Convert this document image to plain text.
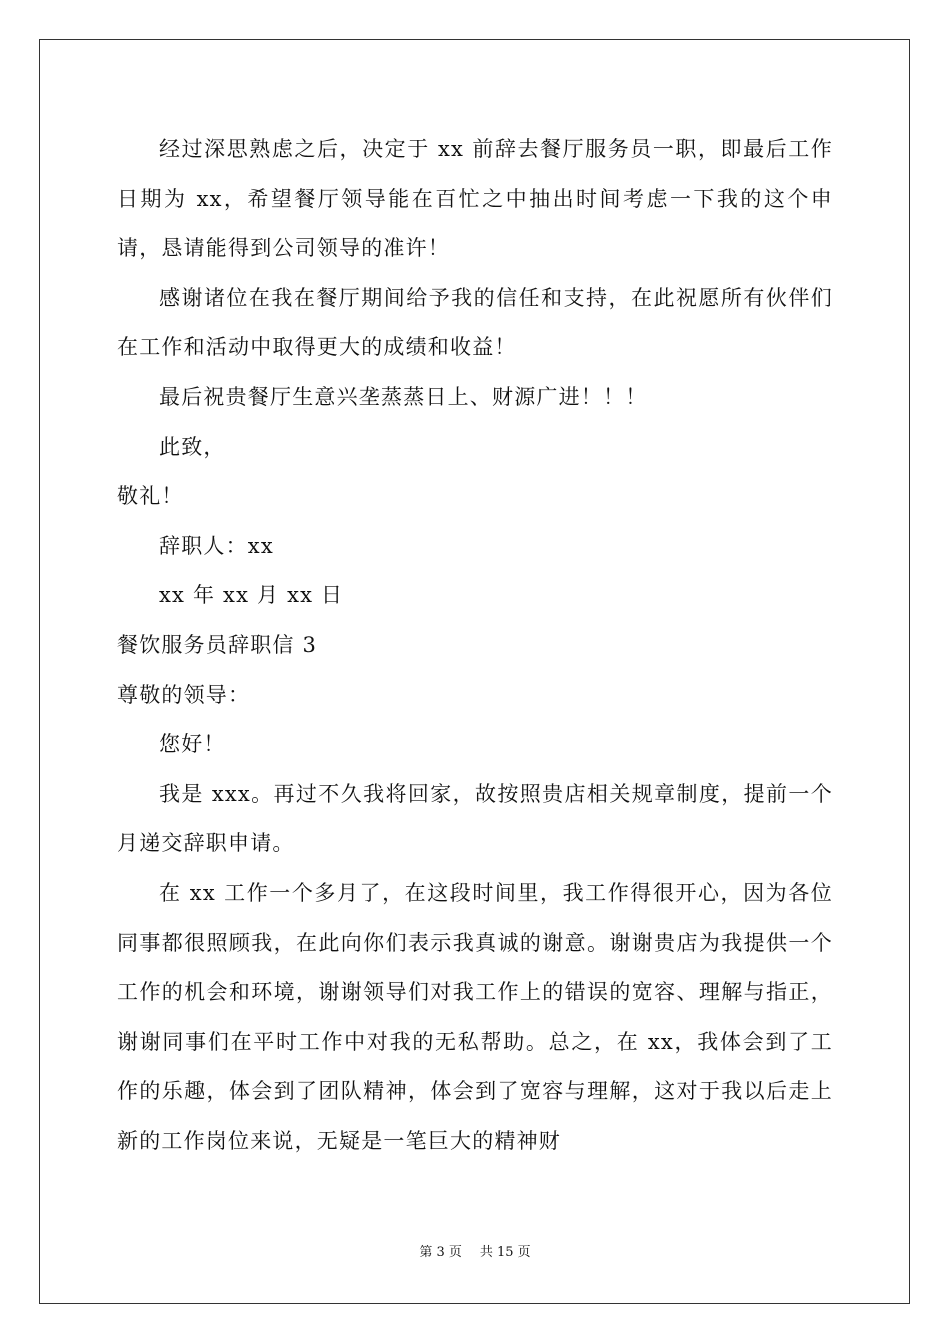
经过深思熟虑之后，决定于 xx 前辞去餐厅服务员一职，即最后工作日期为 xx，希望餐厅领导能在百忙之中抽出时间考虑一下我的这个申请，恳请能得到公司领导的准许！

感谢诸位在我在餐厅期间给予我的信任和支持，在此祝愿所有伙伴们在工作和活动中取得更大的成绩和收益！

最后祝贵餐厅生意兴垄蒸蒸日上、财源广进！！！

此致，

敬礼！

辞职人：xx

xx 年 xx 月 xx 日

餐饮服务员辞职信 3

尊敬的领导：

您好！

我是 xxx。再过不久我将回家，故按照贵店相关规章制度，提前一个月递交辞职申请。

在 xx 工作一个多月了，在这段时间里，我工作得很开心，因为各位同事都很照顾我，在此向你们表示我真诚的谢意。谢谢贵店为我提供一个工作的机会和环境，谢谢领导们对我工作上的错误的宽容、理解与指正，谢谢同事们在平时工作中对我的无私帮助。总之，在 xx，我体会到了工作的乐趣，体会到了团队精神，体会到了宽容与理解，这对于我以后走上新的工作岗位来说，无疑是一笔巨大的精神财

第 3 页 共 15 页
